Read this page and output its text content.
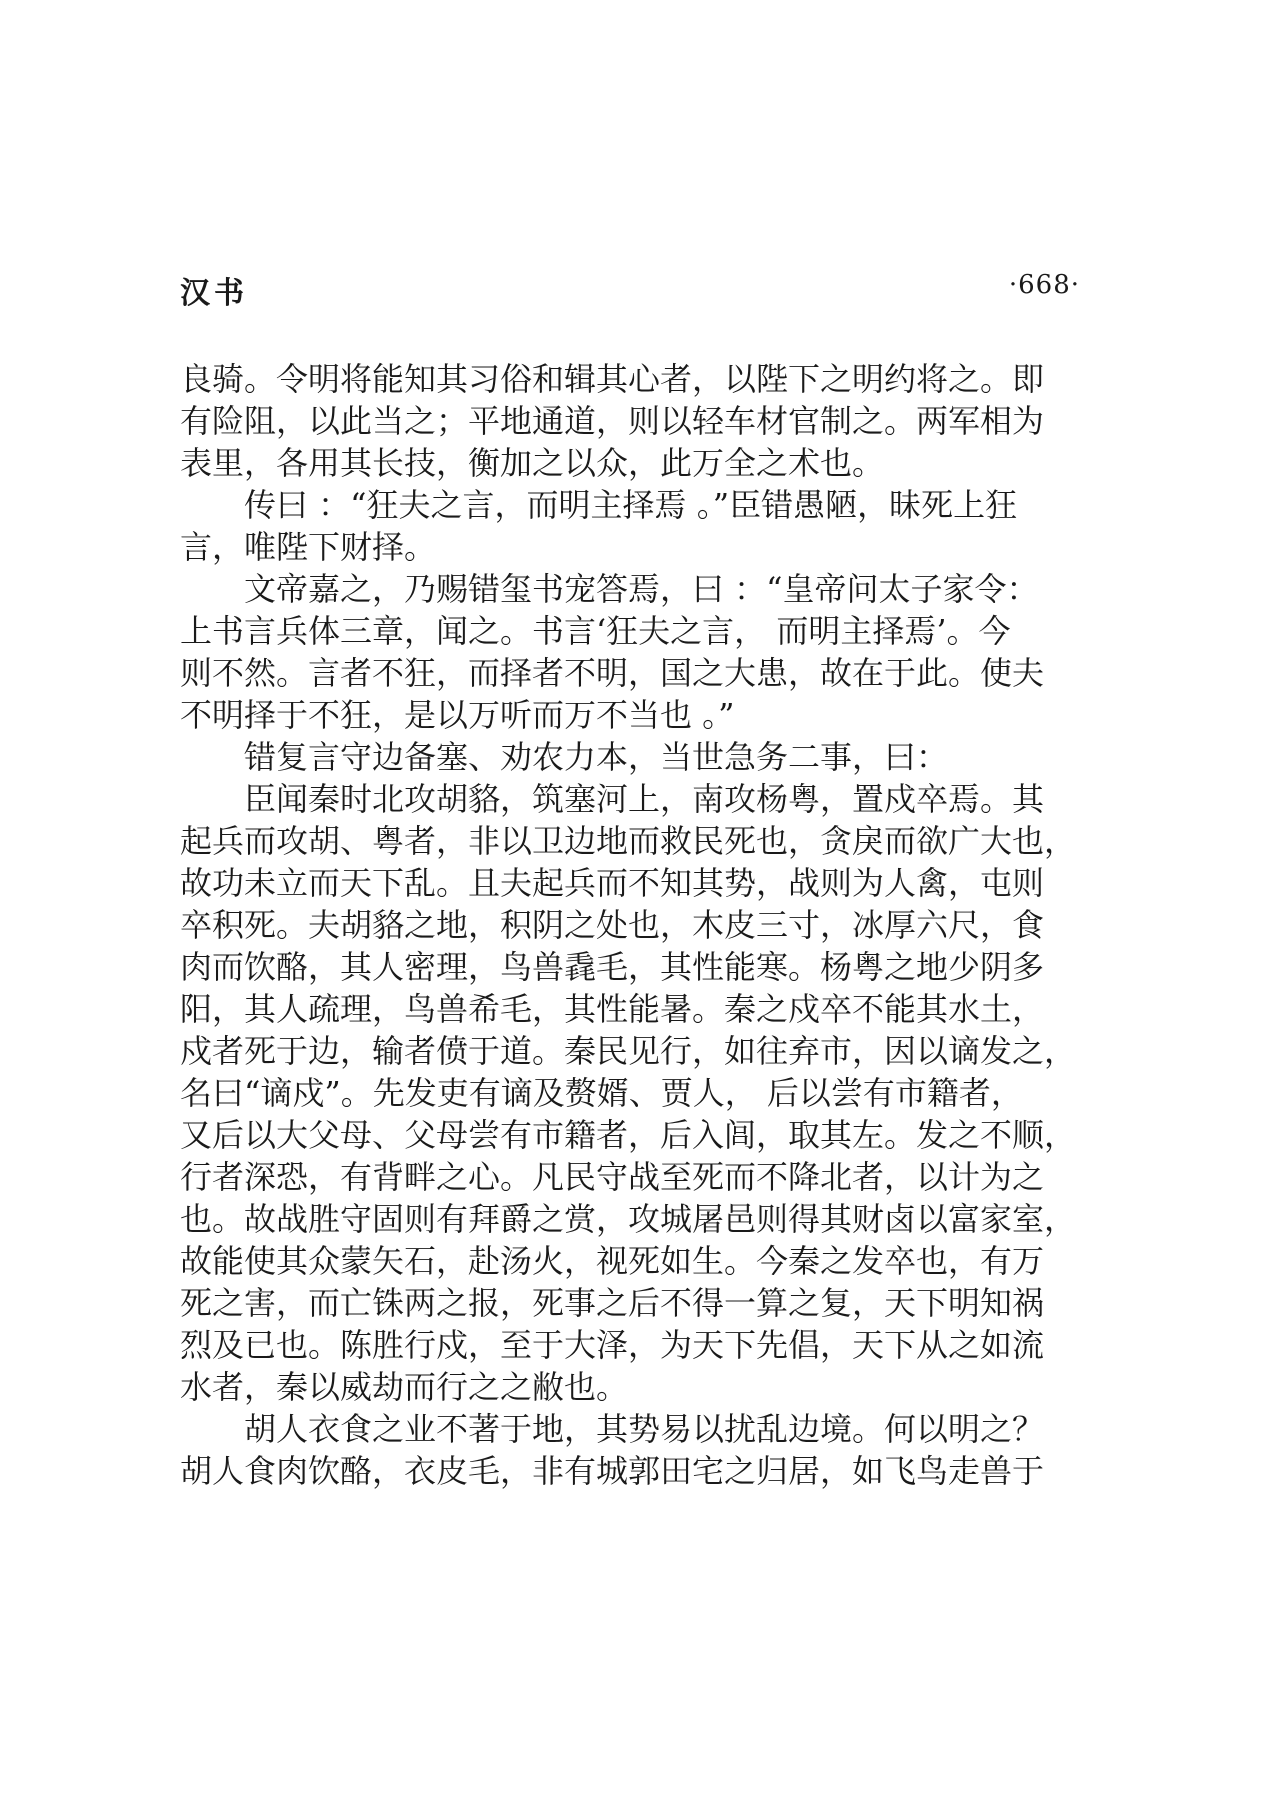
汉书	·668·
良骑。令明将能知其习俗和辑其心者，以陛下之明约将之。即
有险阻，以此当之；平地通道，则以轻车材官制之。两军相为
表里，各用其长技，衡加之以众，此万全之术也。
传曰 ：“狂夫之言，而明主择焉 。”臣错愚陋，昧死上狂
言，唯陛下财择。
文帝嘉之，乃赐错玺书宠答焉，曰 ：“皇帝问太子家令：
上书言兵体三章，闻之。书言‘狂夫之言， 而明主择焉’。今
则不然。言者不狂，而择者不明，国之大患，故在于此。使夫
不明择于不狂，是以万听而万不当也 。”
错复言守边备塞、劝农力本，当世急务二事，曰：
臣闻秦时北攻胡貉，筑塞河上，南攻杨粤，置戍卒焉。其
起兵而攻胡、粤者，非以卫边地而救民死也，贪戾而欲广大也，
故功未立而天下乱。且夫起兵而不知其势，战则为人禽，屯则
卒积死。夫胡貉之地，积阴之处也，木皮三寸，冰厚六尺，食
肉而饮酪，其人密理，鸟兽毳毛，其性能寒。杨粤之地少阴多
阳，其人疏理，鸟兽希毛，其性能暑。秦之戍卒不能其水土，
戍者死于边，输者偾于道。秦民见行，如往弃市，因以谪发之，
名曰“谪戍”。先发吏有谪及赘婿、贾人， 后以尝有市籍者，
又后以大父母、父母尝有市籍者，后入闾，取其左。发之不顺，
行者深恐，有背畔之心。凡民守战至死而不降北者，以计为之
也。故战胜守固则有拜爵之赏，攻城屠邑则得其财卤以富家室，
故能使其众蒙矢石，赴汤火，视死如生。今秦之发卒也，有万
死之害，而亡铢两之报，死事之后不得一算之复，天下明知祸
烈及已也。陈胜行戍，至于大泽，为天下先倡，天下从之如流
水者，秦以威劫而行之之敝也。
胡人衣食之业不著于地，其势易以扰乱边境。何以明之？
胡人食肉饮酪，衣皮毛，非有城郭田宅之归居，如飞鸟走兽于
